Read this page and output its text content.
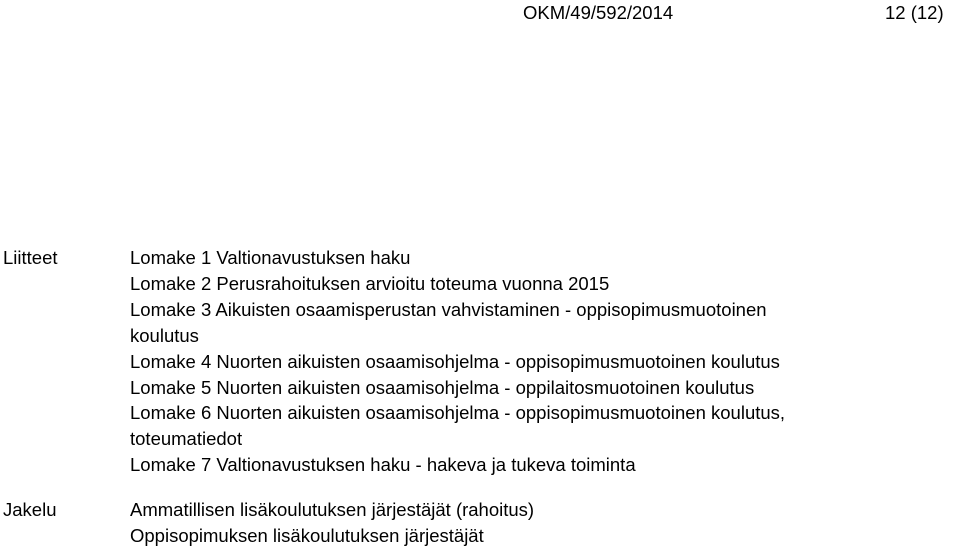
OKM/49/592/2014	12 (12)
Liitteet	Lomake 1 Valtionavustuksen haku
Lomake 2 Perusrahoituksen arvioitu toteuma vuonna 2015
Lomake 3 Aikuisten osaamisperustan vahvistaminen - oppisopimusmuotoinen
koulutus
Lomake 4 Nuorten aikuisten osaamisohjelma - oppisopimusmuotoinen koulutus
Lomake 5 Nuorten aikuisten osaamisohjelma - oppilaitosmuotoinen koulutus
Lomake 6 Nuorten aikuisten osaamisohjelma - oppisopimusmuotoinen koulutus,
toteumatiedot
Lomake 7 Valtionavustuksen haku - hakeva ja tukeva toiminta
Jakelu	Ammatillisen lisäkoulutuksen järjestäjät (rahoitus)
Oppisopimuksen lisäkoulutuksen järjestäjät
